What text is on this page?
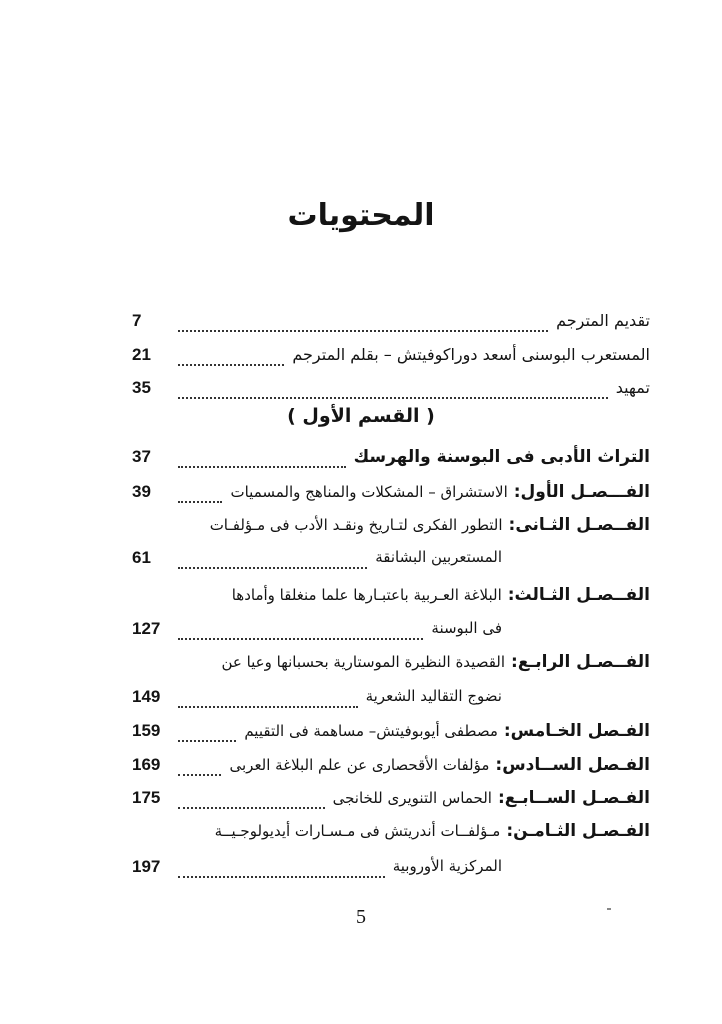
المحتويات
تقديم المترجم
7
المستعرب البوسنى أسعد دوراكوفيتش – بقلم المترجم
21
تمهيد
35
( القسم الأول )
التراث الأدبى فى البوسنة والهرسك
37
الفـــصـل الأول:
الاستشراق – المشكلات والمناهج والمسميات
39
الفــصـل الثـانى:
التطور الفكرى لتـاريخ ونقـد الأدب فى مـؤلفـات
المستعربين البشانقة
61
الفــصـل الثـالث:
البلاغة العـربية باعتبـارها علما منغلقا وأمادها
فى البوسنة
127
الفــصـل الرابـع:
القصيدة النظيرة الموستارية بحسبانها وعيا عن
نضوج التقاليد الشعرية
149
الفـصل الخـامس:
مصطفى أيوبوفيتش– مساهمة فى التقييم
159
الفـصل الســادس:
مؤلفات الأقحصارى عن علم البلاغة العربى
169
الفـصـل الســابـع:
الحماس التنويرى للخانجى
175
الفـصـل الثـامـن:
مـؤلفــات أندريتش فى مـسـارات أيديولوجـيــة
المركزية الأوروبية
197
5
